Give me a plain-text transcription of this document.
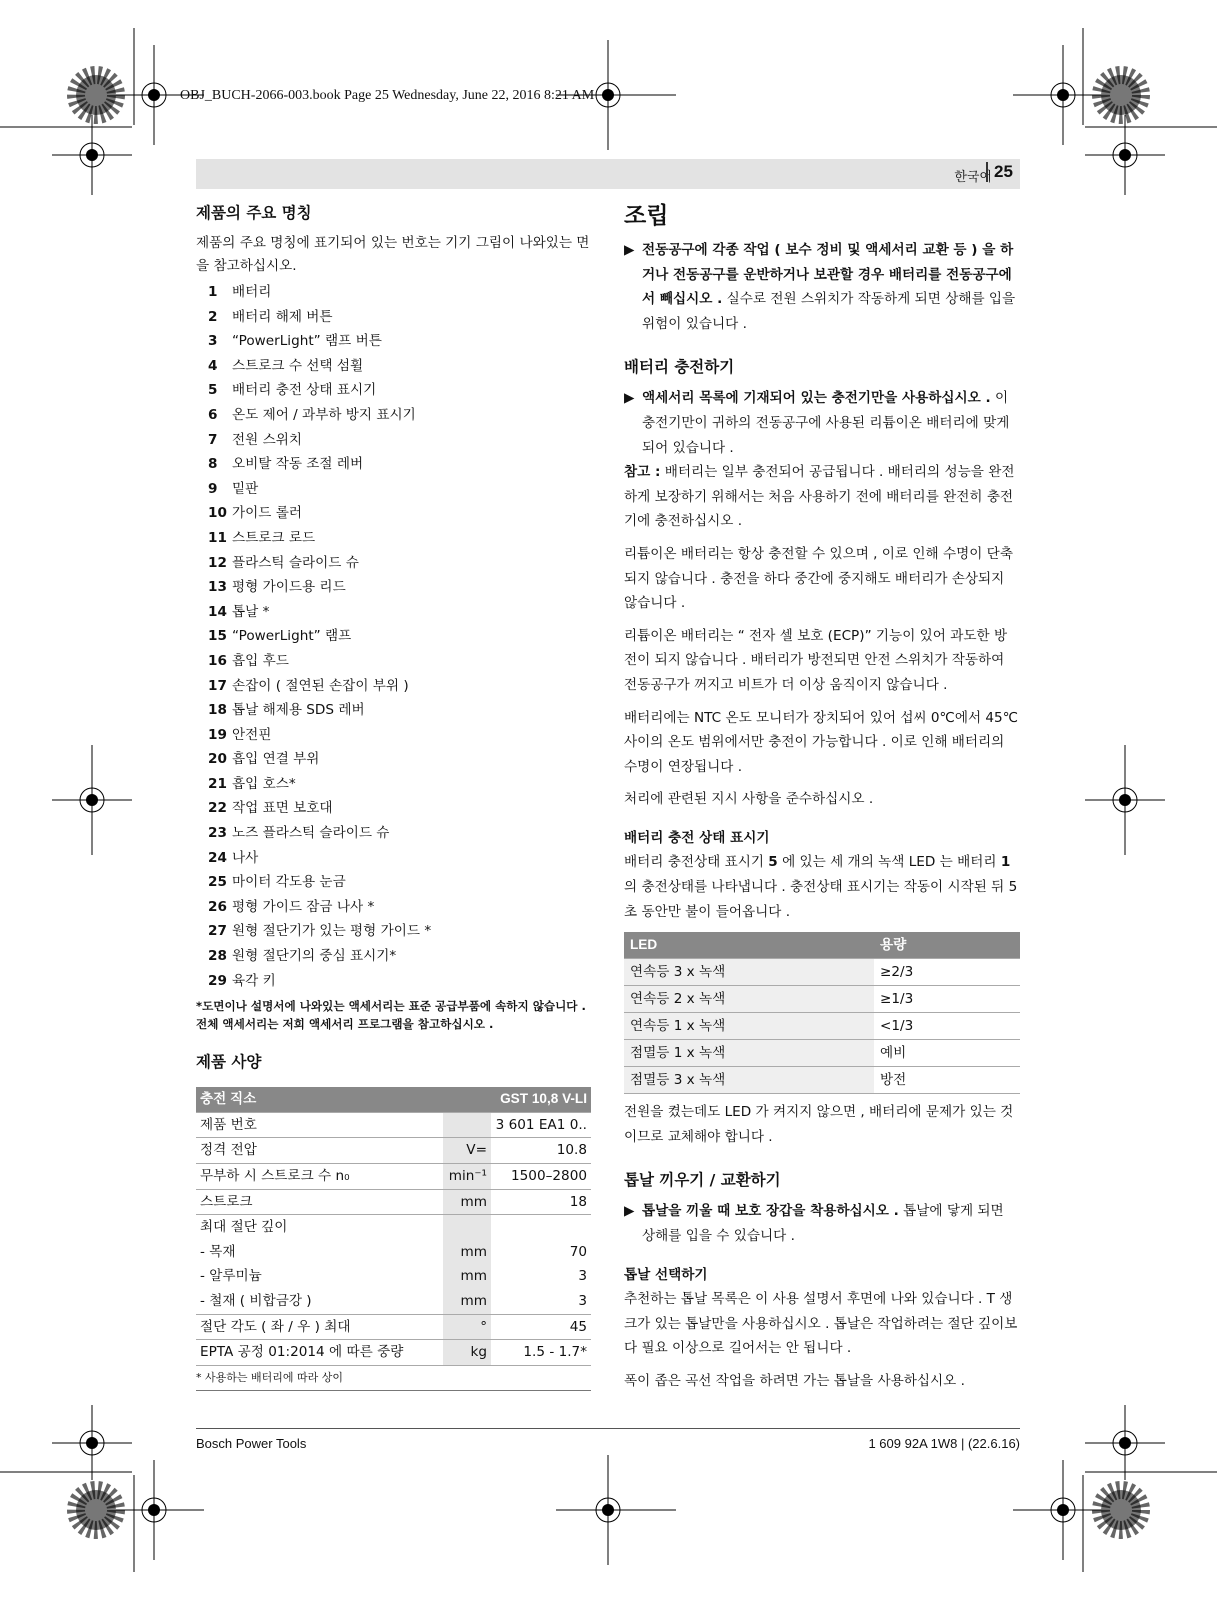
OBJ_BUCH-2066-003.book Page 25 Wednesday, June 22, 2016 8:21 AM
한국어 25

제품의 주요 명칭

제품의 주요 명칭에 표기되어 있는 번호는 기기 그림이 나와있는 면을 참고하십시오.

1	배터리
2	배터리 해제 버튼
3	“PowerLight” 램프 버튼
4	스트로크 수 선택 섬휠
5	배터리 충전 상태 표시기
6	온도 제어 / 과부하 방지 표시기
7	전원 스위치
8	오비탈 작동 조절 레버
9	밑판
10 가이드 롤러
11 스트로크 로드
12 플라스틱 슬라이드 슈
13 평형 가이드용 리드
14 톱날 *
15 “PowerLight” 램프
16 흡입 후드
17 손잡이 ( 절연된 손잡이 부위 )
18 톱날 해제용 SDS 레버
19 안전핀
20 흡입 연결 부위
21 흡입 호스*
22 작업 표면 보호대
23 노즈 플라스틱 슬라이드 슈
24 나사
25 마이터 각도용 눈금
26 평형 가이드 잠금 나사 *
27 원형 절단기가 있는 평형 가이드 *
28 원형 절단기의 중심 표시기*
29 육각 키

*도면이나 설명서에 나와있는 액세서리는 표준 공급부품에 속하지 않습니다 . 전체 액세서리는 저희 액세서리 프로그램을 참고하십시오 .

제품 사양

충전 직소	GST 10,8 V-LI	
제품 번호		3 601 EA1 0..
정격 전압	V=	10.8
무부하 시 스트로크 수 n₀	min⁻¹	1500–2800
스트로크	mm	18
최대 절단 깊이		
- 목재	mm	70
- 알루미늄	mm	3
- 철재 ( 비합금강 )	mm	3
절단 각도 ( 좌 / 우 ) 최대	°	45
EPTA 공정 01:2014 에 따른 중량	kg	1.5 - 1.7*

* 사용하는 배터리에 따라 상이

조립

▶ 전동공구에 각종 작업 ( 보수 정비 및 액세서리 교환 등 ) 을 하거나 전동공구를 운반하거나 보관할 경우 배터리를 전동공구에서 빼십시오 . 실수로 전원 스위치가 작동하게 되면 상해를 입을 위험이 있습니다 .

배터리 충전하기

▶ 액세서리 목록에 기재되어 있는 충전기만을 사용하십시오 . 이 충전기만이 귀하의 전동공구에 사용된 리튬이온 배터리에 맞게 되어 있습니다 .

참고 : 배터리는 일부 충전되어 공급됩니다 . 배터리의 성능을 완전하게 보장하기 위해서는 처음 사용하기 전에 배터리를 완전히 충전기에 충전하십시오 .

리튬이온 배터리는 항상 충전할 수 있으며 , 이로 인해 수명이 단축되지 않습니다 . 충전을 하다 중간에 중지해도 배터리가 손상되지 않습니다 .

리튬이온 배터리는 “ 전자 셀 보호 (ECP)” 기능이 있어 과도한 방전이 되지 않습니다 . 배터리가 방전되면 안전 스위치가 작동하여 전동공구가 꺼지고 비트가 더 이상 움직이지 않습니다 .

배터리에는 NTC 온도 모니터가 장치되어 있어 섭씨 0℃에서 45℃ 사이의 온도 범위에서만 충전이 가능합니다 . 이로 인해 배터리의 수명이 연장됩니다 .

처리에 관련된 지시 사항을 준수하십시오 .

배터리 충전 상태 표시기

배터리 충전상태 표시기 5 에 있는 세 개의 녹색 LED 는 배터리 1 의 충전상태를 나타냅니다 . 충전상태 표시기는 작동이 시작된 뒤 5 초 동안만 불이 들어옵니다 .

LED	용량
연속등 3 x 녹색	≥2/3
연속등 2 x 녹색	≥1/3
연속등 1 x 녹색	<1/3
점멸등 1 x 녹색	예비
점멸등 3 x 녹색	방전

전원을 켰는데도 LED 가 켜지지 않으면 , 배터리에 문제가 있는 것이므로 교체해야 합니다 .

톱날 끼우기 / 교환하기

▶ 톱날을 끼울 때 보호 장갑을 착용하십시오 . 톱날에 닿게 되면 상해를 입을 수 있습니다 .

톱날 선택하기

추천하는 톱날 목록은 이 사용 설명서 후면에 나와 있습니다 . T 생크가 있는 톱날만을 사용하십시오 . 톱날은 작업하려는 절단 깊이보다 필요 이상으로 길어서는 안 됩니다 .

폭이 좁은 곡선 작업을 하려면 가는 톱날을 사용하십시오 .

Bosch Power Tools	1 609 92A 1W8 | (22.6.16)
